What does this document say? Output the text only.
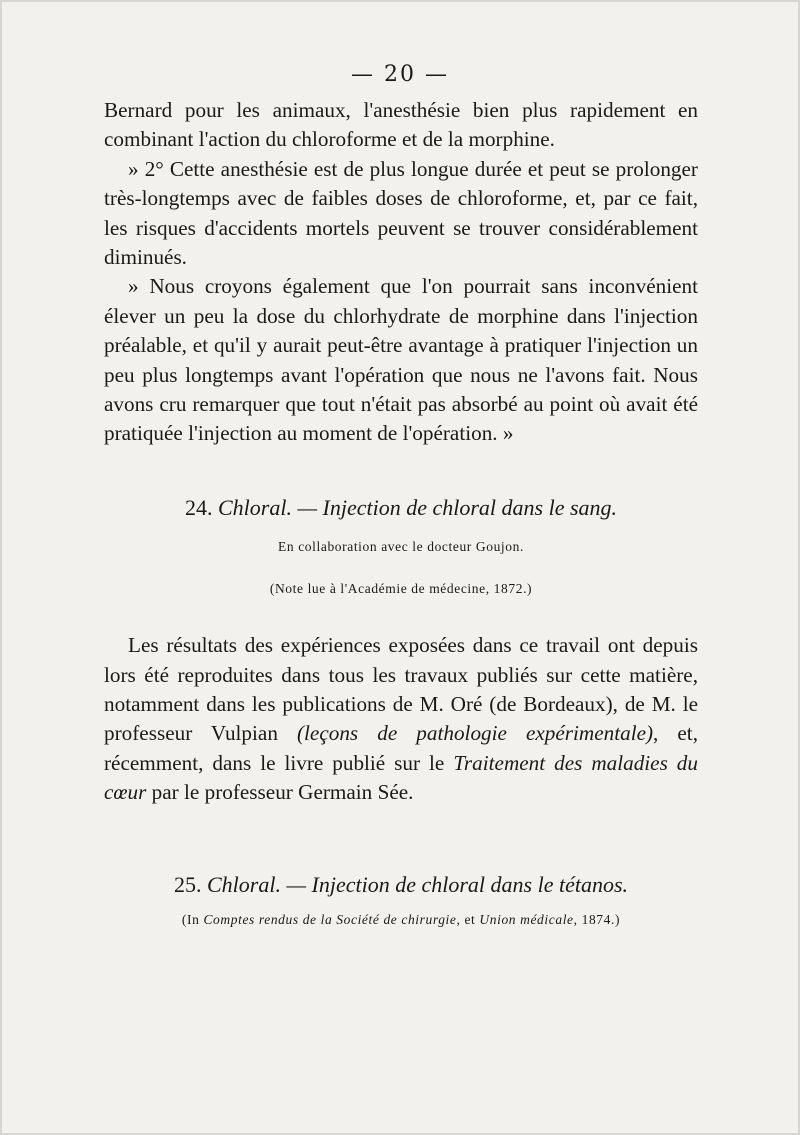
— 20 —

Bernard pour les animaux, l'anesthésie bien plus rapidement en combinant l'action du chloroforme et de la morphine.

» 2° Cette anesthésie est de plus longue durée et peut se prolonger très-longtemps avec de faibles doses de chloroforme, et, par ce fait, les risques d'accidents mortels peuvent se trouver considérablement diminués.

» Nous croyons également que l'on pourrait sans inconvénient élever un peu la dose du chlorhydrate de morphine dans l'injection préalable, et qu'il y aurait peut-être avantage à pratiquer l'injection un peu plus longtemps avant l'opération que nous ne l'avons fait. Nous avons cru remarquer que tout n'était pas absorbé au point où avait été pratiquée l'injection au moment de l'opération. »

24. Chloral. — Injection de chloral dans le sang.
En collaboration avec le docteur Goujon.
(Note lue à l'Académie de médecine, 1872.)

Les résultats des expériences exposées dans ce travail ont depuis lors été reproduites dans tous les travaux publiés sur cette matière, notamment dans les publications de M. Oré (de Bordeaux), de M. le professeur Vulpian (leçons de pathologie expérimentale), et, récemment, dans le livre publié sur le Traitement des maladies du cœur par le professeur Germain Sée.

25. Chloral. — Injection de chloral dans le tétanos.
(In Comptes rendus de la Société de chirurgie, et Union médicale, 1874.)
